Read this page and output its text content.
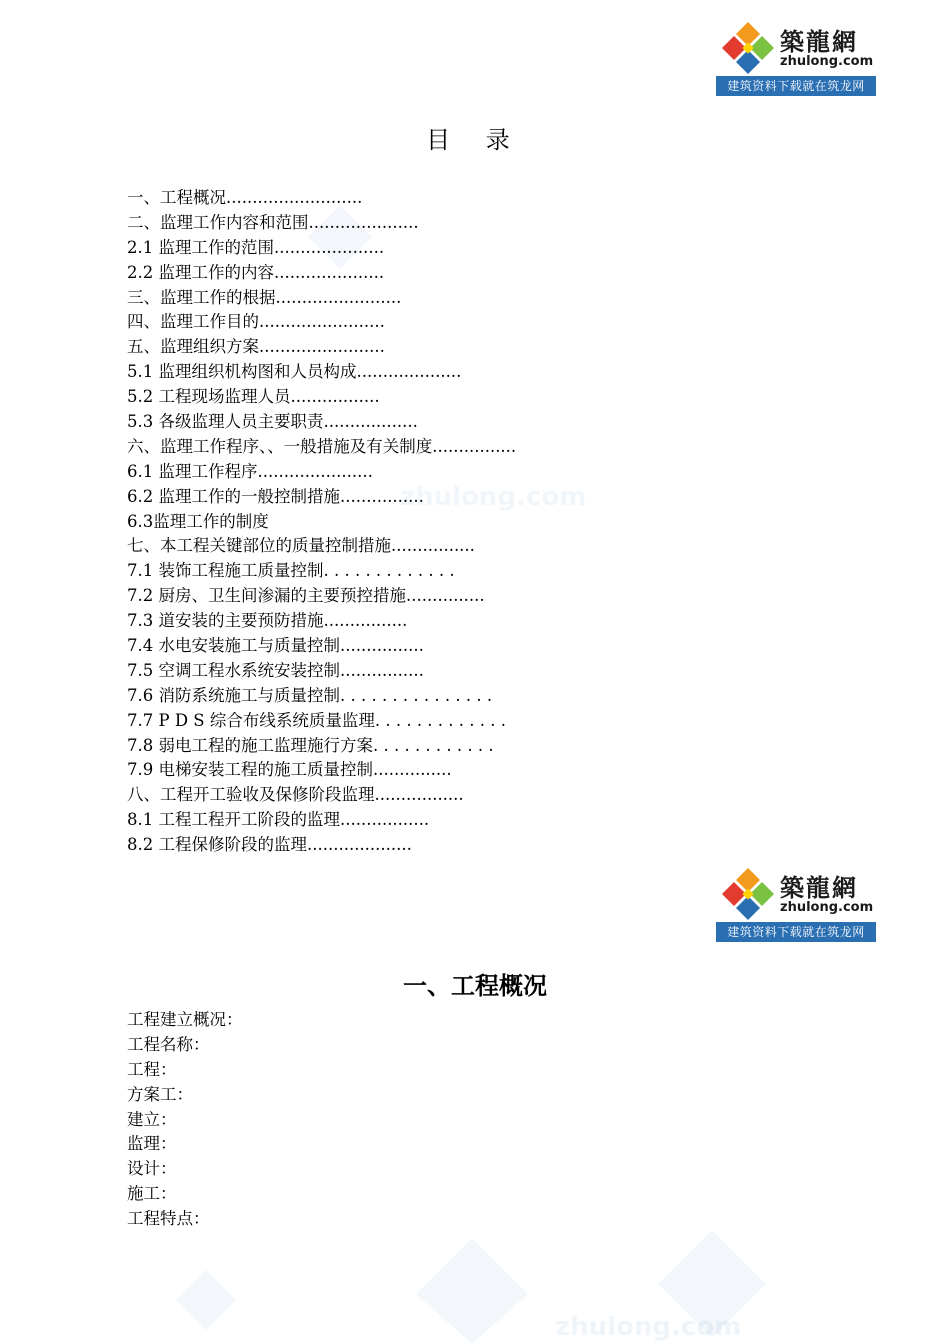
zhulong.com
zhulong.com
築龍網
zhulong.com
建筑资料下载就在筑龙网
目 录
一、工程概况..........................
二、监理工作内容和范围.....................
2.1 监理工作的范围.....................
2.2 监理工作的内容.....................
三、监理工作的根据........................
四、监理工作目的........................
五、监理组织方案........................
5.1 监理组织机构图和人员构成....................
5.2 工程现场监理人员.................
5.3 各级监理人员主要职责..................
六、监理工作程序、、一般措施及有关制度................
6.1 监理工作程序......................
6.2 监理工作的一般控制措施................
6.3监理工作的制度
七、本工程关键部位的质量控制措施................
7.1 装饰工程施工质量控制. . . . . . . . . . . . .
7.2 厨房、卫生间渗漏的主要预控措施...............
7.3 道安装的主要预防措施................
7.4 水电安装施工与质量控制................
7.5 空调工程水系统安装控制................
7.6 消防系统施工与质量控制. . . . . . . . . . . . . . .
7.7 P D S 综合布线系统质量监理. . . . . . . . . . . . .
7.8 弱电工程的施工监理施行方案. . . . . . . . . . . .
7.9 电梯安装工程的施工质量控制...............
八、工程开工验收及保修阶段监理.................
8.1 工程工程开工阶段的监理.................
8.2 工程保修阶段的监理....................
築龍網
zhulong.com
建筑资料下载就在筑龙网
一、工程概况
工程建立概况：
工程名称：
工程：
方案工：
建立：
监理：
设计：
施工：
工程特点：
